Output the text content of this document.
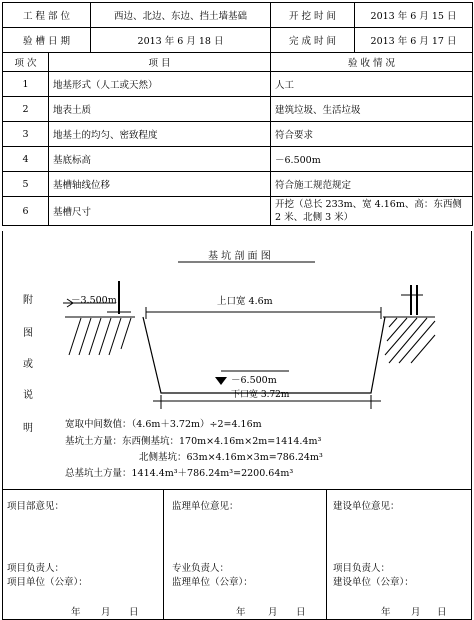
工 程 部 位		西边、北边、东边、挡土墙基础	开 挖 时 间	2013 年 6 月 15 日
验 槽 日 期		2013 年 6 月 18 日	完 成 时 间	2013 年 6 月 17 日
项 次	项 目		验 收 情 况	
1	地基形式（人工或天然）		人工	
2	地表土质		建筑垃圾、生活垃圾	
3	地基土的均匀、密致程度		符合要求	
4	基底标高		－6.500m	
5	基槽轴线位移		符合施工规范规定	
6	基槽尺寸		开挖（总长 233m、宽 4.16m、高：东西侧 2 米、北侧 3 米）	
基 坑 剖 面 图
附
图
或
说
明
－3.500m	上口宽 4.6m
－6.500m
下口宽 3.72m
宽取中间数值：（4.6m＋3.72m）÷2=4.16m
基坑土方量：东西侧基坑：170m×4.16m×2m=1414.4m³
北侧基坑：63m×4.16m×3m=786.24m³
总基坑土方量：1414.4m³＋786.24m³=2200.64m³
项目部意见：
项目负责人：
项目单位（公章）：
年 月 日
监理单位意见：
专业负责人：
监理单位（公章）：
年 月 日
建设单位意见：
项目负责人：
建设单位（公章）：
年 月 日
